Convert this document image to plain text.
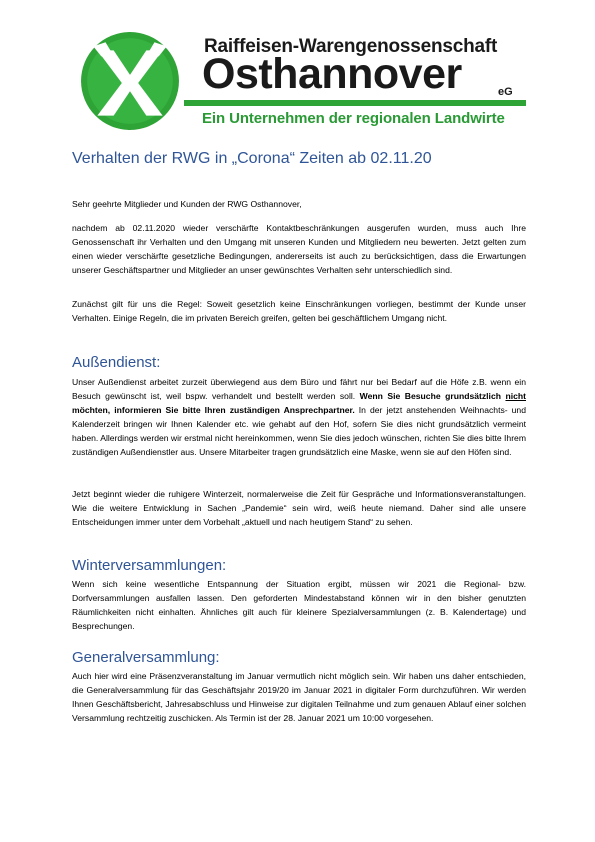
Raiffeisen-Warengenossenschaft
Osthannover	eG
Ein Unternehmen der regionalen Landwirte
Verhalten der RWG in „Corona“ Zeiten ab 02.11.20

Sehr geehrte Mitglieder und Kunden der RWG Osthannover,

nachdem ab 02.11.2020 wieder verschärfte Kontaktbeschränkungen ausgerufen wurden, muss auch Ihre Genossenschaft ihr Verhalten und den Umgang mit unseren Kunden und Mitgliedern neu bewerten. Jetzt gelten zum einen wieder verschärfte gesetzliche Bedingungen, andererseits ist auch zu berücksichtigen, dass die Erwartungen unserer Geschäftspartner und Mitglieder an unser gewünschtes Verhalten sehr unterschiedlich sind.

Zunächst gilt für uns die Regel: Soweit gesetzlich keine Einschränkungen vorliegen, bestimmt der Kunde unser Verhalten. Einige Regeln, die im privaten Bereich greifen, gelten bei geschäftlichem Umgang nicht.

Außendienst:

Unser Außendienst arbeitet zurzeit überwiegend aus dem Büro und fährt nur bei Bedarf auf die Höfe z.B. wenn ein Besuch gewünscht ist, weil bspw. verhandelt und bestellt werden soll. Wenn Sie Besuche grundsätzlich nicht möchten, informieren Sie bitte Ihren zuständigen Ansprechpartner. In der jetzt anstehenden Weihnachts- und Kalenderzeit bringen wir Ihnen Kalender etc. wie gehabt auf den Hof, sofern Sie dies nicht grundsätzlich vermeint haben. Allerdings werden wir erstmal nicht hereinkommen, wenn Sie dies jedoch wünschen, richten Sie dies bitte Ihrem zuständigen Außendienstler aus. Unsere Mitarbeiter tragen grundsätzlich eine Maske, wenn sie auf den Höfen sind.

Jetzt beginnt wieder die ruhigere Winterzeit, normalerweise die Zeit für Gespräche und Informationsveranstaltungen. Wie die weitere Entwicklung in Sachen „Pandemie“ sein wird, weiß heute niemand. Daher sind alle unsere Entscheidungen immer unter dem Vorbehalt „aktuell und nach heutigem Stand“ zu sehen.

Winterversammlungen:

Wenn sich keine wesentliche Entspannung der Situation ergibt, müssen wir 2021 die Regional- bzw. Dorfversammlungen ausfallen lassen. Den geforderten Mindestabstand können wir in den bisher genutzten Räumlichkeiten nicht einhalten. Ähnliches gilt auch für kleinere Spezialversammlungen (z. B. Kalendertage) und Besprechungen.

Generalversammlung:

Auch hier wird eine Präsenzveranstaltung im Januar vermutlich nicht möglich sein. Wir haben uns daher entschieden, die Generalversammlung für das Geschäftsjahr 2019/20 im Januar 2021 in digitaler Form durchzuführen. Wir werden Ihnen Geschäftsbericht, Jahresabschluss und Hinweise zur digitalen Teilnahme und zum genauen Ablauf einer solchen Versammlung rechtzeitig zuschicken. Als Termin ist der 28. Januar 2021 um 10:00 vorgesehen.
